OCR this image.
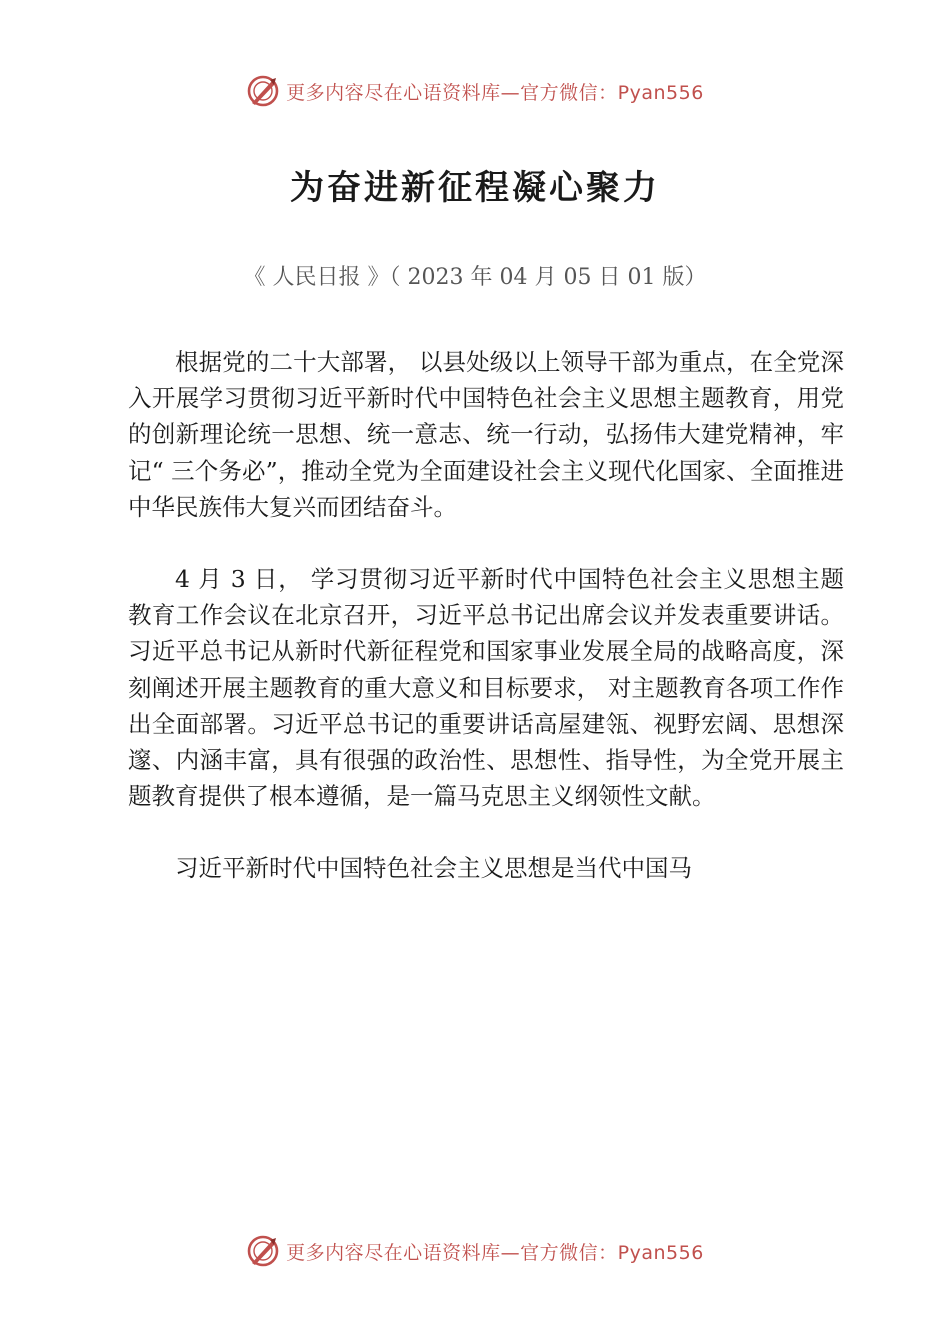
更多内容尽在心语资料库—官方微信：Pyan556
为奋进新征程凝心聚力

《 人民日报 》（ 2023 年 04 月 05 日 01 版）

根据党的二十大部署， 以县处级以上领导干部为重点，在全党深入开展学习贯彻习近平新时代中国特色社会主义思想主题教育，用党的创新理论统一思想、统一意志、统一行动，弘扬伟大建党精神，牢记“ 三个务必”，推动全党为全面建设社会主义现代化国家、全面推进中华民族伟大复兴而团结奋斗。

4 月 3 日， 学习贯彻习近平新时代中国特色社会主义思想主题教育工作会议在北京召开，习近平总书记出席会议并发表重要讲话。习近平总书记从新时代新征程党和国家事业发展全局的战略高度，深刻阐述开展主题教育的重大意义和目标要求， 对主题教育各项工作作出全面部署。习近平总书记的重要讲话高屋建瓴、视野宏阔、思想深邃、内涵丰富，具有很强的政治性、思想性、指导性，为全党开展主题教育提供了根本遵循，是一篇马克思主义纲领性文献。

习近平新时代中国特色社会主义思想是当代中国马

更多内容尽在心语资料库—官方微信：Pyan556
